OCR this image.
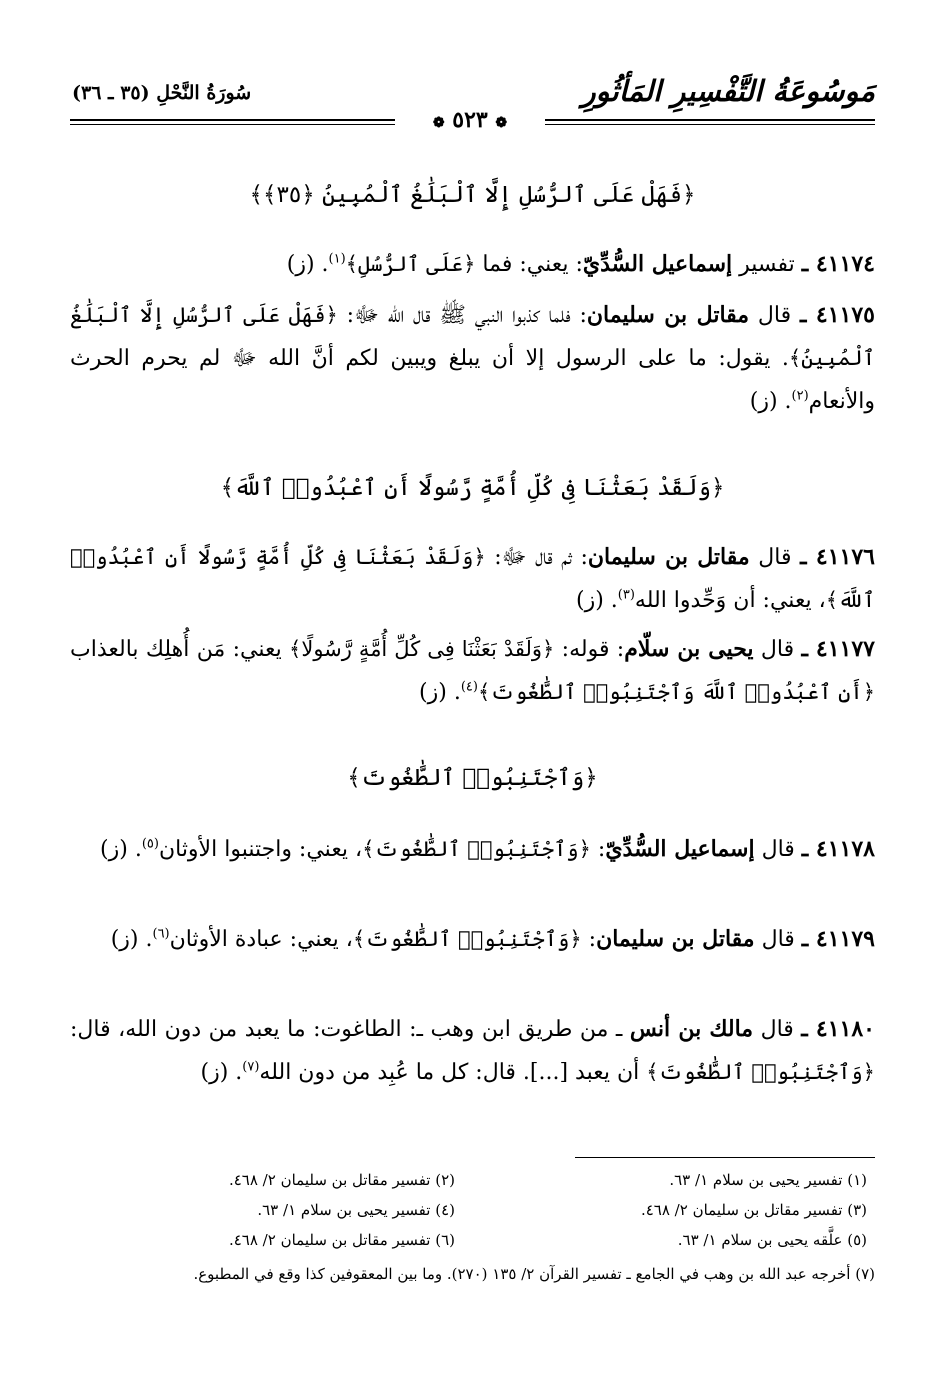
مَوسُوعَةُ التَّفْسِيرِ المَأثُورِ
سُورَةُ النَّحْلِ (٣٥ ـ ٣٦)
❁ ٥٢٣ ❁
﴿فَهَلْ عَلَى ٱلرُّسُلِ إِلَّا ٱلْبَلَٰغُ ٱلْمُبِينُ ﴿٣٥﴾﴾
٤١١٧٤ ـ تفسير إسماعيل السُّدِّيّ: يعني: فما ﴿عَلَى ٱلرُّسُلِ﴾$^{(١)}$. (ز)
٤١١٧٥ ـ قال مقاتل بن سليمان: فلما كذبوا النبي ﷺ قال الله ﷻ: ﴿فَهَلْ عَلَى ٱلرُّسُلِ إِلَّا ٱلْبَلَٰغُ ٱلْمُبِينُ﴾. يقول: ما على الرسول إلا أن يبلغ ويبين لكم أنَّ الله ﷻ لم يحرم الحرث والأنعام$^{(٢)}$. (ز)
﴿وَلَقَدْ بَعَثْنَا فِى كُلِّ أُمَّةٍ رَّسُولًا أَنِ ٱعْبُدُوا۟ ٱللَّهَ﴾
٤١١٧٦ ـ قال مقاتل بن سليمان: ثم قال ﷻ: ﴿وَلَقَدْ بَعَثْنَا فِى كُلِّ أُمَّةٍ رَّسُولًا أَنِ ٱعْبُدُوا۟ ٱللَّهَ﴾، يعني: أن وَحِّدوا الله$^{(٣)}$. (ز)
٤١١٧٧ ـ قال يحيى بن سلّام: قوله: ﴿وَلَقَدْ بَعَثْنَا فِى كُلِّ أُمَّةٍ رَّسُولًا﴾ يعني: مَن أُهلِك بالعذاب ﴿أَنِ ٱعْبُدُوا۟ ٱللَّهَ وَٱجْتَنِبُوا۟ ٱلطَّٰغُوتَ﴾$^{(٤)}$. (ز)
﴿وَٱجْتَنِبُوا۟ ٱلطَّٰغُوتَ﴾
٤١١٧٨ ـ قال إسماعيل السُّدِّيّ: ﴿وَٱجْتَنِبُوا۟ ٱلطَّٰغُوتَ﴾، يعني: واجتنبوا الأوثان$^{(٥)}$. (ز)
٤١١٧٩ ـ قال مقاتل بن سليمان: ﴿وَٱجْتَنِبُوا۟ ٱلطَّٰغُوتَ﴾، يعني: عبادة الأوثان$^{(٦)}$. (ز)
٤١١٨٠ ـ قال مالك بن أنس ـ من طريق ابن وهب ـ: الطاغوت: ما يعبد من دون الله، قال: ﴿وَٱجْتَنِبُوا۟ ٱلطَّٰغُوتَ﴾ أن يعبد [...]. قال: كل ما عُبِد من دون الله$^{(٧)}$. (ز)
(١) تفسير يحيى بن سلام ١/ ٦٣.
(٢) تفسير مقاتل بن سليمان ٢/ ٤٦٨.
(٣) تفسير مقاتل بن سليمان ٢/ ٤٦٨.
(٤) تفسير يحيى بن سلام ١/ ٦٣.
(٥) علَّقه يحيى بن سلام ١/ ٦٣.
(٦) تفسير مقاتل بن سليمان ٢/ ٤٦٨.
(٧) أخرجه عبد الله بن وهب في الجامع ـ تفسير القرآن ٢/ ١٣٥ (٢٧٠). وما بين المعقوفين كذا وقع في المطبوع.
